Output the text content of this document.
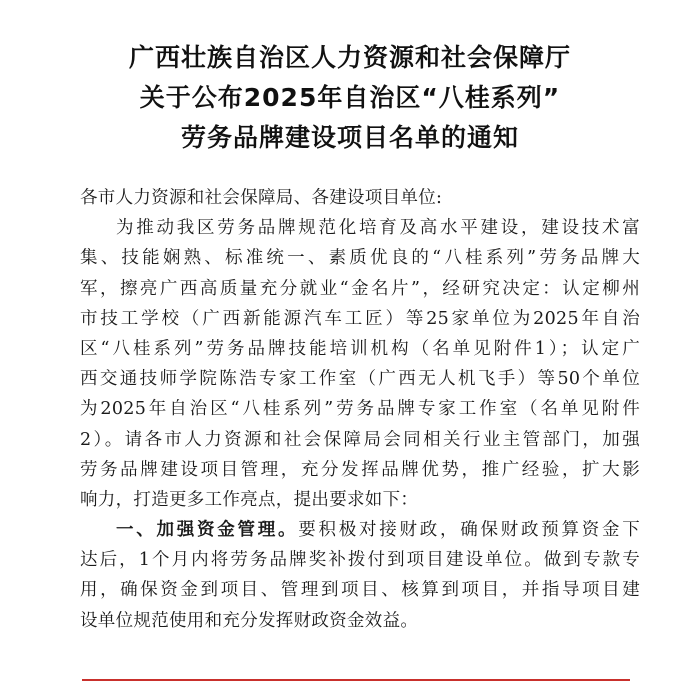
广西壮族自治区人力资源和社会保障厅
关于公布2025年自治区“八桂系列”
劳务品牌建设项目名单的通知
各市人力资源和社会保障局、各建设项目单位:
为推动我区劳务品牌规范化培育及高水平建设，建设技术富
集、技能娴熟、标准统一、素质优良的“八桂系列”劳务品牌大
军，擦亮广西高质量充分就业“金名片”，经研究决定：认定柳州
市技工学校（广西新能源汽车工匠）等25家单位为2025年自治
区“八桂系列”劳务品牌技能培训机构（名单见附件1）；认定广
西交通技师学院陈浩专家工作室（广西无人机飞手）等50个单位
为2025年自治区“八桂系列”劳务品牌专家工作室（名单见附件
2）。请各市人力资源和社会保障局会同相关行业主管部门，加强
劳务品牌建设项目管理，充分发挥品牌优势，推广经验，扩大影
响力，打造更多工作亮点，提出要求如下：
一、加强资金管理。要积极对接财政，确保财政预算资金下
达后，1个月内将劳务品牌奖补拨付到项目建设单位。做到专款专
用，确保资金到项目、管理到项目、核算到项目，并指导项目建
设单位规范使用和充分发挥财政资金效益。
